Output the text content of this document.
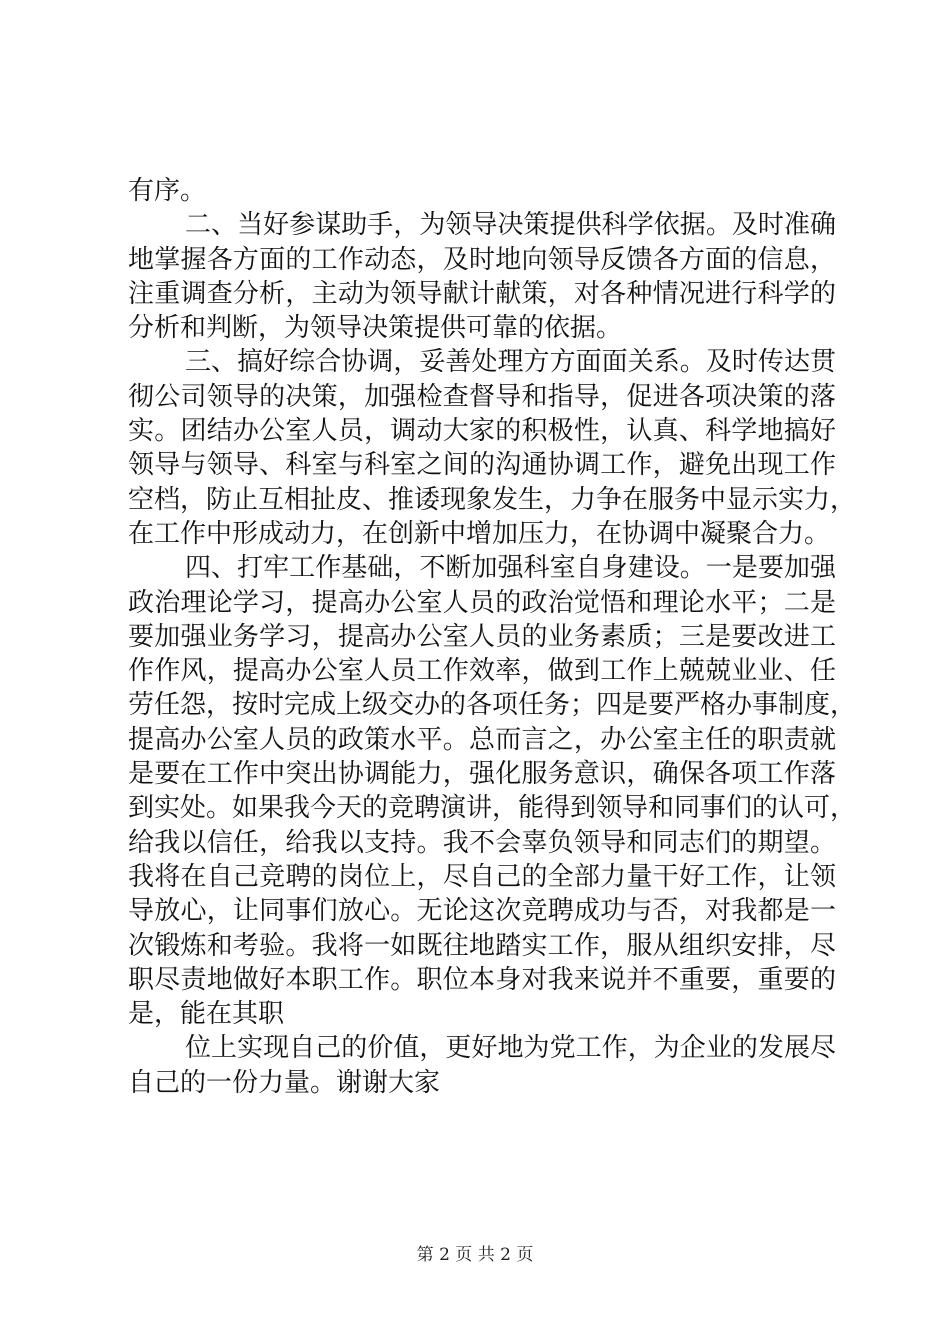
有序。
二、当好参谋助手，为领导决策提供科学依据。及时准确
地掌握各方面的工作动态，及时地向领导反馈各方面的信息，
注重调查分析，主动为领导献计献策，对各种情况进行科学的
分析和判断，为领导决策提供可靠的依据。
三、搞好综合协调，妥善处理方方面面关系。及时传达贯
彻公司领导的决策，加强检查督导和指导，促进各项决策的落
实。团结办公室人员，调动大家的积极性，认真、科学地搞好
领导与领导、科室与科室之间的沟通协调工作，避免出现工作
空档，防止互相扯皮、推诿现象发生，力争在服务中显示实力，
在工作中形成动力，在创新中增加压力，在协调中凝聚合力。
四、打牢工作基础，不断加强科室自身建设。一是要加强
政治理论学习，提高办公室人员的政治觉悟和理论水平；二是
要加强业务学习，提高办公室人员的业务素质；三是要改进工
作作风，提高办公室人员工作效率，做到工作上兢兢业业、任
劳任怨，按时完成上级交办的各项任务；四是要严格办事制度，
提高办公室人员的政策水平。总而言之，办公室主任的职责就
是要在工作中突出协调能力，强化服务意识，确保各项工作落
到实处。如果我今天的竞聘演讲，能得到领导和同事们的认可，
给我以信任，给我以支持。我不会辜负领导和同志们的期望。
我将在自己竞聘的岗位上，尽自己的全部力量干好工作，让领
导放心，让同事们放心。无论这次竞聘成功与否，对我都是一
次锻炼和考验。我将一如既往地踏实工作，服从组织安排，尽
职尽责地做好本职工作。职位本身对我来说并不重要，重要的
是，能在其职
位上实现自己的价值，更好地为党工作，为企业的发展尽
自己的一份力量。谢谢大家
第 2 页 共 2 页
